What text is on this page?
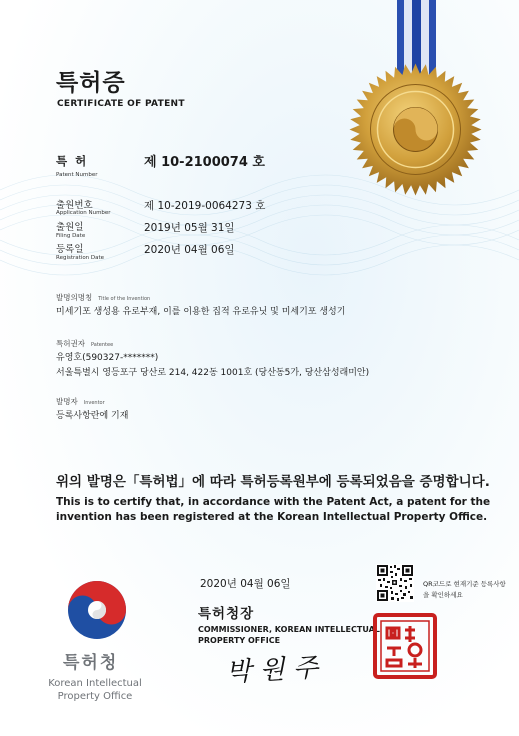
특허증
CERTIFICATE OF PATENT
특 허
Patent Number
제 10-2100074 호
출원번호
Application Number
제 10-2019-0064273 호
출원일
Filing Date
2019년 05월 31일
등록일
Registration Date
2020년 04월 06일
발명의명칭 Title of the Invention
미세기포 생성용 유로부재, 이를 이용한 집적 유로유닛 및 미세기포 생성기
특허권자 Patentee
유영호(590327-*******)
서울특별시 영등포구 당산로 214, 422동 1001호 (당산동5가, 당산삼성래미안)
발명자 Inventor
등록사항란에 기재
위의 발명은「특허법」에 따라 특허등록원부에 등록되었음을 증명합니다.
This is to certify that, in accordance with the Patent Act, a patent for the invention has been registered at the Korean Intellectual Property Office.
특허청
Korean Intellectual Property Office
2020년 04월 06일	QR코드로 현재기준 등록사항을 확인하세요
특허청장
COMMISSIONER, KOREAN INTELLECTUAL PROPERTY OFFICE
박 원 주
